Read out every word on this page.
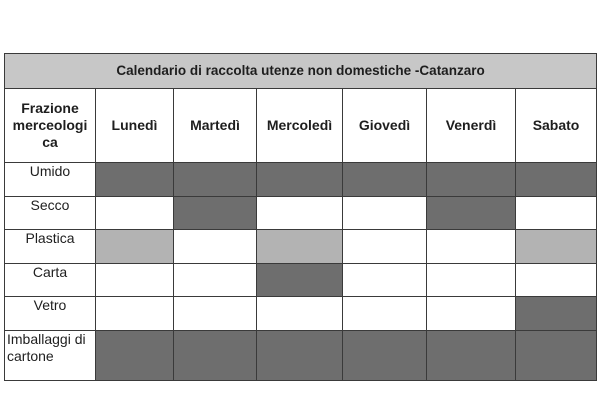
Calendario di raccolta utenze non domestiche -Catanzaro						
Frazione
merceologi
ca	Lunedì	Martedì	Mercoledì	Giovedì	Venerdì	Sabato
Umido						
Secco						
Plastica						
Carta						
Vetro						
Imballaggi di
cartone						
